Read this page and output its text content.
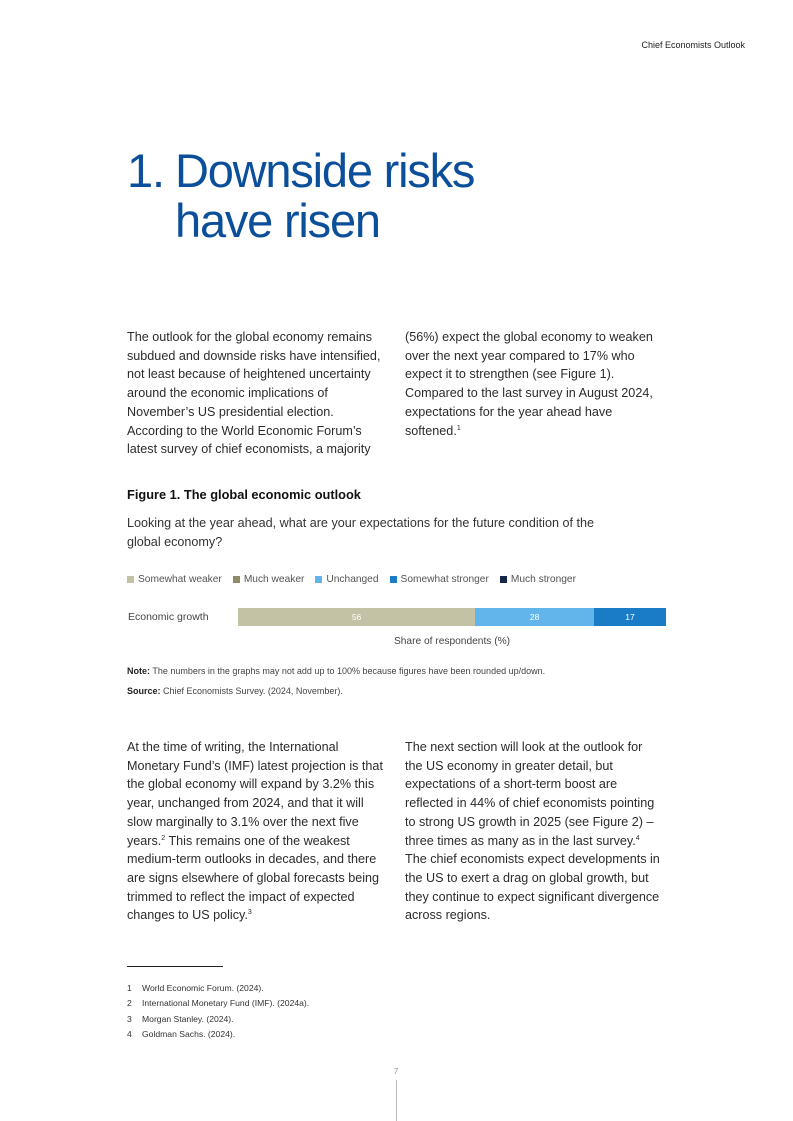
Chief Economists Outlook
1. Downside risks
have risen

The outlook for the global economy remains subdued and downside risks have intensified, not least because of heightened uncertainty around the economic implications of November’s US presidential election. According to the World Economic Forum’s latest survey of chief economists, a majority

(56%) expect the global economy to weaken over the next year compared to 17% who expect it to strengthen (see Figure 1). Compared to the last survey in August 2024, expectations for the year ahead have softened.$^1$

Figure 1. The global economic outlook
Looking at the year ahead, what are your expectations for the future condition of the global economy?
Somewhat weaker Much weaker Unchanged Somewhat stronger Much stronger
Economic growth	56	28	17
Share of respondents (%)
Note: The numbers in the graphs may not add up to 100% because figures have been rounded up/down.
Source: Chief Economists Survey. (2024, November).

At the time of writing, the International Monetary Fund’s (IMF) latest projection is that the global economy will expand by 3.2% this year, unchanged from 2024, and that it will slow marginally to 3.1% over the next five years.$^2$ This remains one of the weakest medium-term outlooks in decades, and there are signs elsewhere of global forecasts being trimmed to reflect the impact of expected changes to US policy.$^3$

The next section will look at the outlook for the US economy in greater detail, but expectations of a short-term boost are reflected in 44% of chief economists pointing to strong US growth in 2025 (see Figure 2) – three times as many as in the last survey.$^4$ The chief economists expect developments in the US to exert a drag on global growth, but they continue to expect significant divergence across regions.

1 World Economic Forum. (2024).
2 International Monetary Fund (IMF). (2024a).
3 Morgan Stanley. (2024).
4 Goldman Sachs. (2024).
7
